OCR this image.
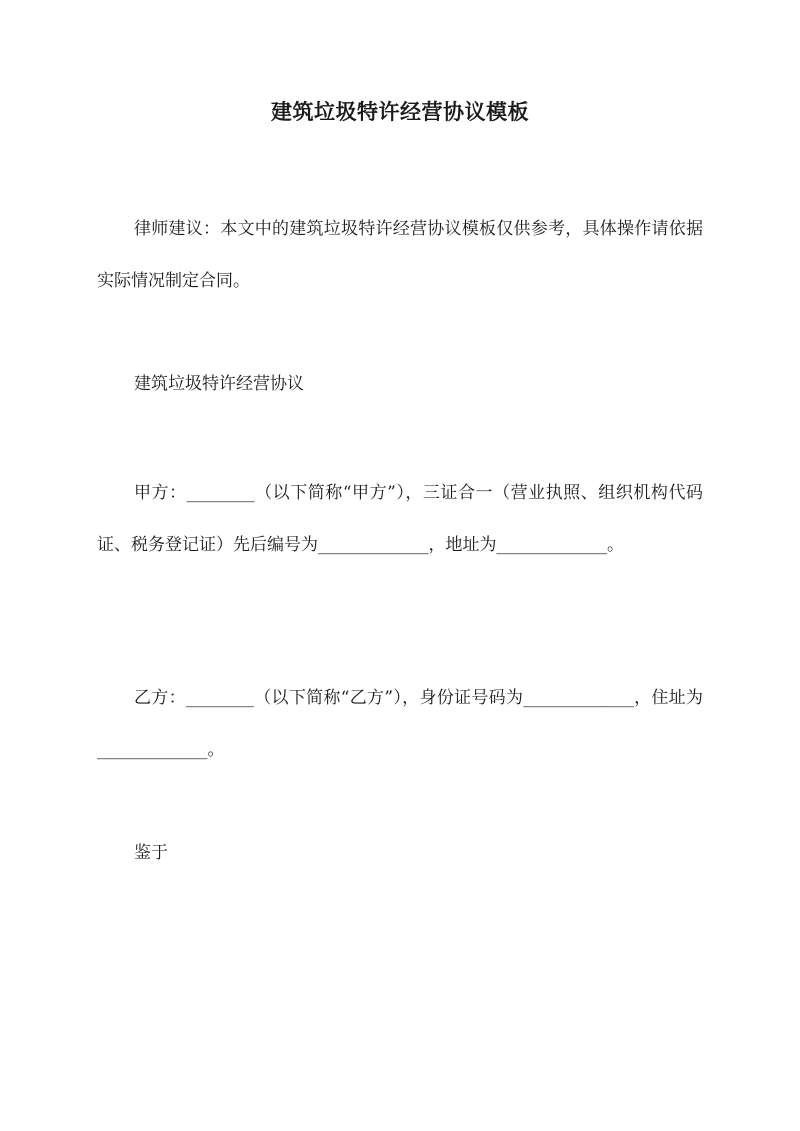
建筑垃圾特许经营协议模板

律师建议：本文中的建筑垃圾特许经营协议模板仅供参考，具体操作请依据实际情况制定合同。

建筑垃圾特许经营协议

甲方：________（以下简称“甲方”），三证合一（营业执照、组织机构代码证、税务登记证）先后编号为_____________，地址为_____________。

乙方：________（以下简称“乙方”），身份证号码为_____________，住址为_____________。

鉴于
